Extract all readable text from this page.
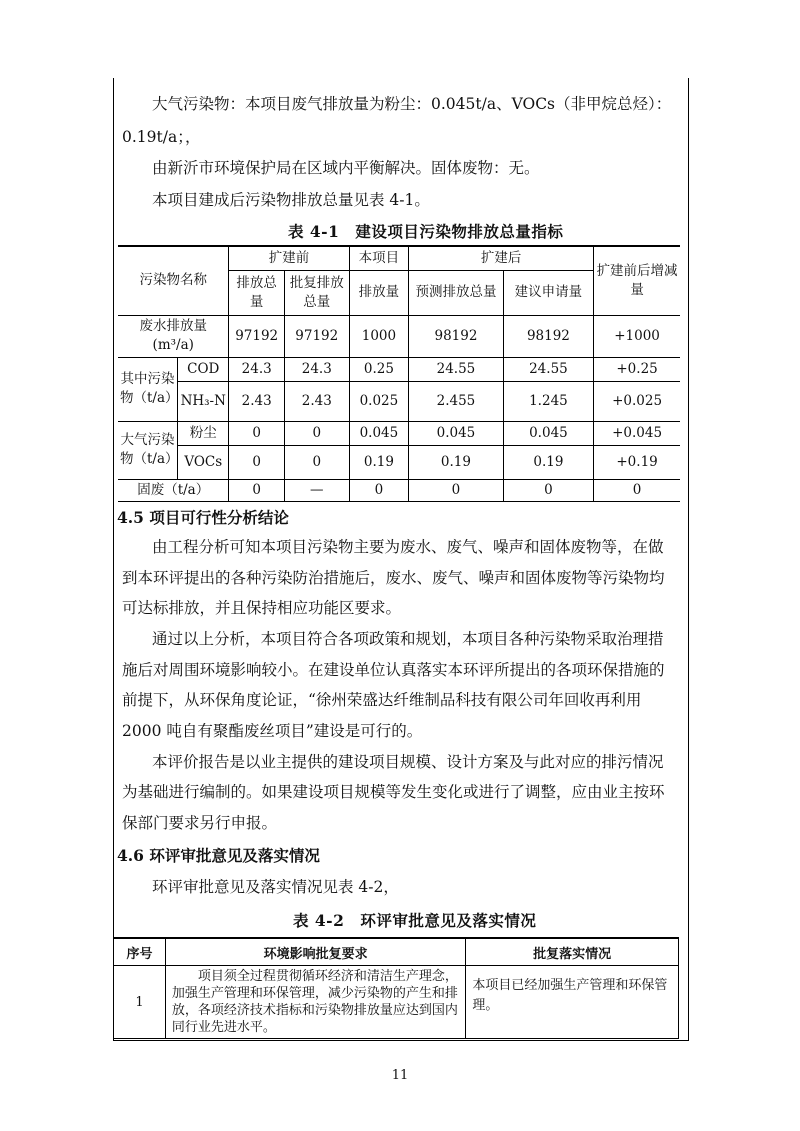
大气污染物：本项目废气排放量为粉尘：0.045t/a、VOCs（非甲烷总烃）：
0.19t/a；，
由新沂市环境保护局在区域内平衡解决。固体废物：无。
本项目建成后污染物排放总量见表 4-1。
表 4-1　建设项目污染物排放总量指标
污染物名称		扩建前		本项目	扩建后		扩建前后增减量
		排放总量	批复排放总量	排放量	预测排放总量	建议申请量	

废水排放量
(m³/a)		97192	97192	1000	98192	98192	+1000
其中污染物（t/a）	COD	24.3	24.3	0.25	24.55	24.55	+0.25
	NH₃-N	2.43	2.43	0.025	2.455	1.245	+0.025
大气污染物（t/a）	粉尘	0	0	0.045	0.045	0.045	+0.045
	VOCs	0	0	0.19	0.19	0.19	+0.19
固废（t/a）		0	—	0	0	0	0
4.5 项目可行性分析结论
由工程分析可知本项目污染物主要为废水、废气、噪声和固体废物等，在做
到本环评提出的各种污染防治措施后，废水、废气、噪声和固体废物等污染物均
可达标排放，并且保持相应功能区要求。
通过以上分析，本项目符合各项政策和规划，本项目各种污染物采取治理措
施后对周围环境影响较小。在建设单位认真落实本环评所提出的各项环保措施的
前提下，从环保角度论证，“徐州荣盛达纤维制品科技有限公司年回收再利用
2000 吨自有聚酯废丝项目”建设是可行的。
本评价报告是以业主提供的建设项目规模、设计方案及与此对应的排污情况
为基础进行编制的。如果建设项目规模等发生变化或进行了调整，应由业主按环
保部门要求另行申报。
4.6 环评审批意见及落实情况
环评审批意见及落实情况见表 4-2，
表 4-2　环评审批意见及落实情况
序号	环境影响批复要求	批复落实情况
1	项目须全过程贯彻循环经济和清洁生产理念，加强生产管理和环保管理，减少污染物的产生和排放，各项经济技术指标和污染物排放量应达到国内同行业先进水平。	本项目已经加强生产管理和环保管理。
11
